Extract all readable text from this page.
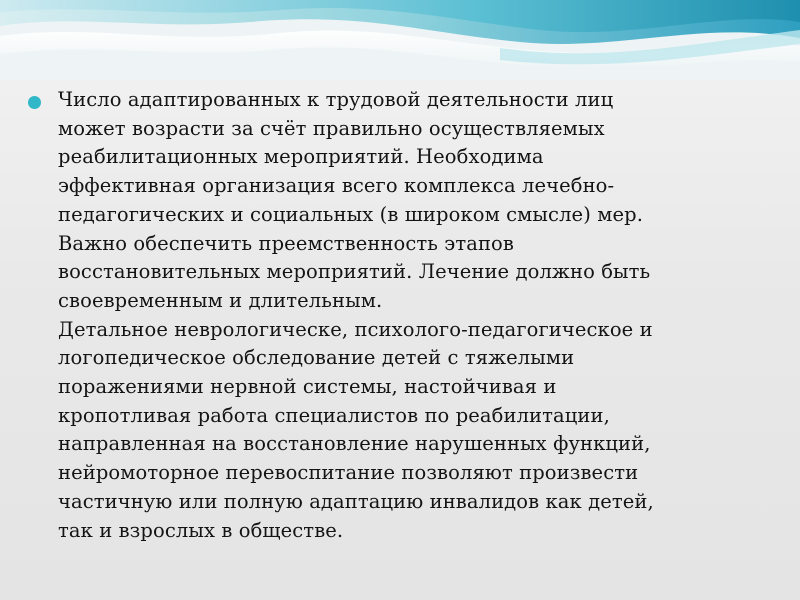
Число адаптированных к трудовой деятельности лиц
может возрасти за счёт правильно осуществляемых
реабилитационных мероприятий. Необходима
эффективная организация всего комплекса лечебно-
педагогических и социальных (в широком смысле) мер.
Важно обеспечить преемственность этапов
восстановительных мероприятий. Лечение должно быть
своевременным и длительным.
Детальное неврологическе, психолого-педагогическое и
логопедическое обследование детей с тяжелыми
поражениями нервной системы, настойчивая и
кропотливая работа специалистов по реабилитации,
направленная на восстановление нарушенных функций,
нейромоторное перевоспитание позволяют произвести
частичную или полную адаптацию инвалидов как детей,
так и взрослых в обществе.
